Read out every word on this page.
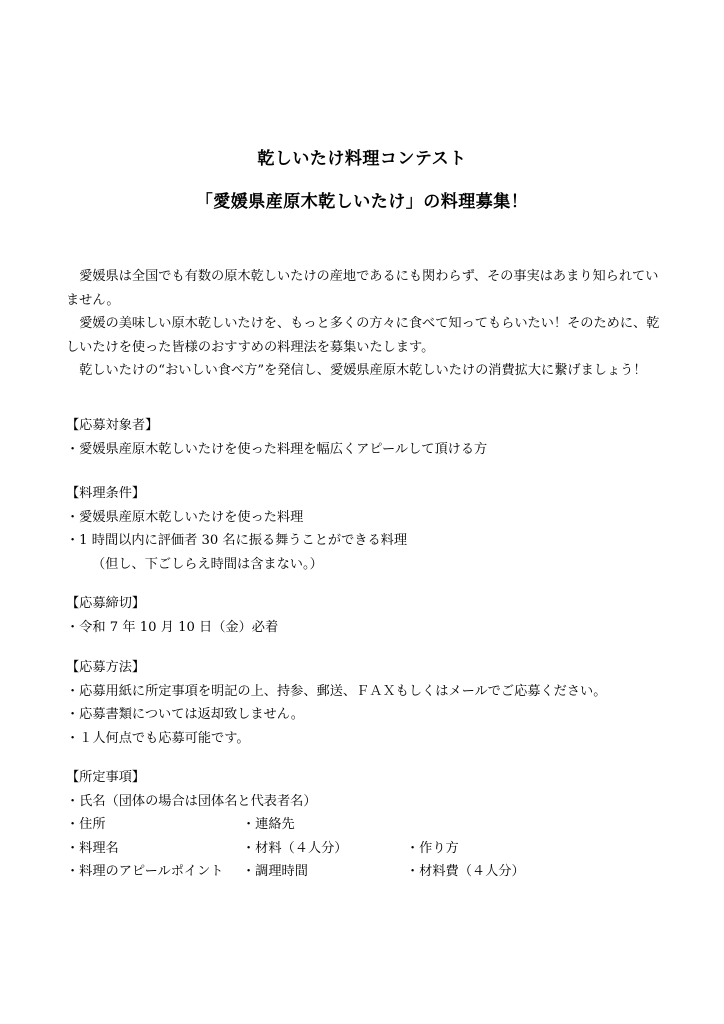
乾しいたけ料理コンテスト
「愛媛県産原木乾しいたけ」の料理募集！

愛媛県は全国でも有数の原木乾しいたけの産地であるにも関わらず、その事実はあまり知られていません。

愛媛の美味しい原木乾しいたけを、もっと多くの方々に食べて知ってもらいたい！そのために、乾しいたけを使った皆様のおすすめの料理法を募集いたします。

乾しいたけの“おいしい食べ方”を発信し、愛媛県産原木乾しいたけの消費拡大に繋げましょう！

【応募対象者】

・愛媛県産原木乾しいたけを使った料理を幅広くアピールして頂ける方

【料理条件】

・愛媛県産原木乾しいたけを使った料理

・1 時間以内に評価者 30 名に振る舞うことができる料理

（但し、下ごしらえ時間は含まない。）

【応募締切】

・令和 7 年 10 月 10 日（金）必着

【応募方法】

・応募用紙に所定事項を明記の上、持参、郵送、ＦＡＸもしくはメールでご応募ください。

・応募書類については返却致しません。

・１人何点でも応募可能です。

【所定事項】

・氏名（団体の場合は団体名と代表者名）

・住所	・連絡先
・料理名	・材料（４人分）	・作り方
・料理のアピールポイント	・調理時間	・材料費（４人分）
